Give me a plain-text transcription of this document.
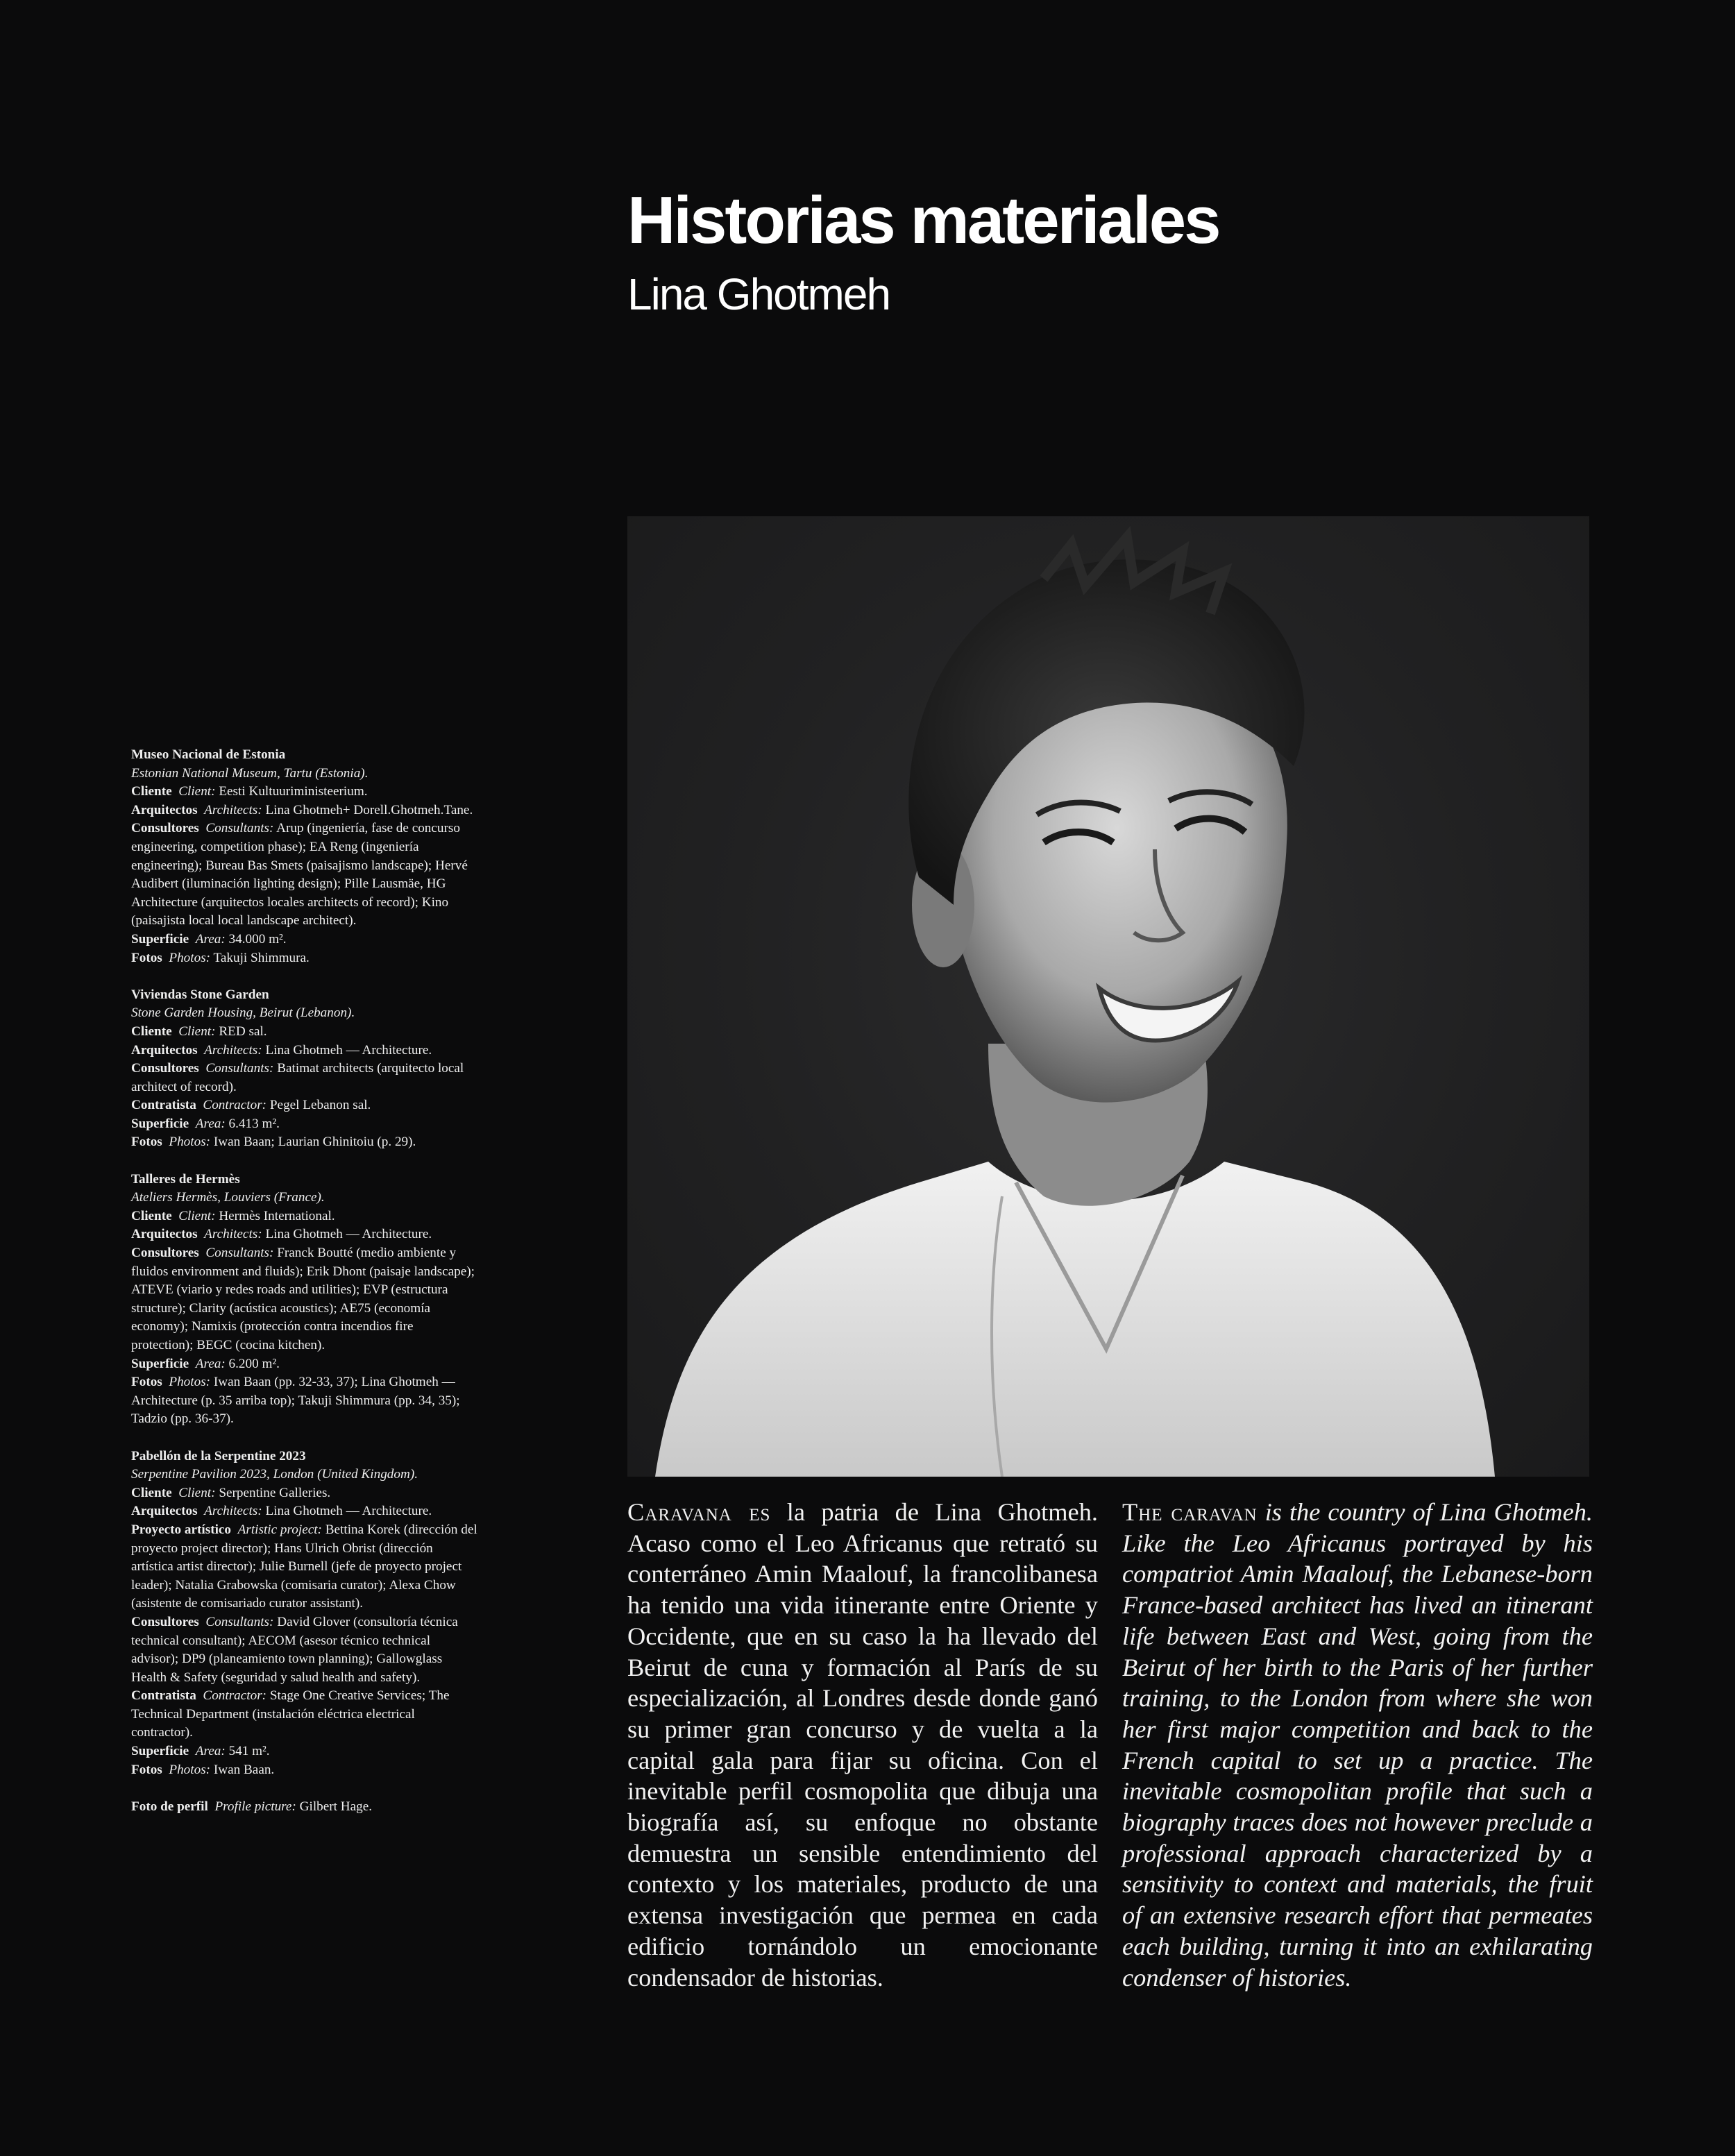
Historias materiales
Lina Ghotmeh
Museo Nacional de Estonia
Estonian National Museum, Tartu (Estonia).
Cliente Client: Eesti Kultuuriministeerium.
Arquitectos Architects: Lina Ghotmeh+ Dorell.Ghotmeh.Tane.
Consultores Consultants: Arup (ingeniería, fase de concurso engineering, competition phase); EA Reng (ingeniería engineering); Bureau Bas Smets (paisajismo landscape); Hervé Audibert (iluminación lighting design); Pille Lausmäe, HG Architecture (arquitectos locales architects of record); Kino (paisajista local local landscape architect).
Superficie Area: 34.000 m².
Fotos Photos: Takuji Shimmura.
Viviendas Stone Garden
Stone Garden Housing, Beirut (Lebanon).
Cliente Client: RED sal.
Arquitectos Architects: Lina Ghotmeh — Architecture.
Consultores Consultants: Batimat architects (arquitecto local architect of record).
Contratista Contractor: Pegel Lebanon sal.
Superficie Area: 6.413 m².
Fotos Photos: Iwan Baan; Laurian Ghinitoiu (p. 29).
Talleres de Hermès
Ateliers Hermès, Louviers (France).
Cliente Client: Hermès International.
Arquitectos Architects: Lina Ghotmeh — Architecture.
Consultores Consultants: Franck Boutté (medio ambiente y fluidos environment and fluids); Erik Dhont (paisaje landscape); ATEVE (viario y redes roads and utilities); EVP (estructura structure); Clarity (acústica acoustics); AE75 (economía economy); Namixis (protección contra incendios fire protection); BEGC (cocina kitchen).
Superficie Area: 6.200 m².
Fotos Photos: Iwan Baan (pp. 32-33, 37); Lina Ghotmeh — Architecture (p. 35 arriba top); Takuji Shimmura (pp. 34, 35); Tadzio (pp. 36-37).
Pabellón de la Serpentine 2023
Serpentine Pavilion 2023, London (United Kingdom).
Cliente Client: Serpentine Galleries.
Arquitectos Architects: Lina Ghotmeh — Architecture.
Proyecto artístico Artistic project: Bettina Korek (dirección del proyecto project director); Hans Ulrich Obrist (dirección artística artist director); Julie Burnell (jefe de proyecto project leader); Natalia Grabowska (comisaria curator); Alexa Chow (asistente de comisariado curator assistant).
Consultores Consultants: David Glover (consultoría técnica technical consultant); AECOM (asesor técnico technical advisor); DP9 (planeamiento town planning); Gallowglass Health & Safety (seguridad y salud health and safety).
Contratista Contractor: Stage One Creative Services; The Technical Department (instalación eléctrica electrical contractor).
Superficie Area: 541 m².
Fotos Photos: Iwan Baan.
Foto de perfil Profile picture: Gilbert Hage.

Caravana es la patria de Lina Ghotmeh. Acaso como el Leo Africanus que retrató su conterráneo Amin Maalouf, la francolibanesa ha tenido una vida itinerante entre Oriente y Occidente, que en su caso la ha llevado del Beirut de cuna y formación al París de su especialización, al Londres desde donde ganó su primer gran concurso y de vuelta a la capital gala para fijar su oficina. Con el inevitable perfil cosmopolita que dibuja una biografía así, su enfoque no obstante demuestra un sensible entendimiento del contexto y los materiales, producto de una extensa investigación que permea en cada edificio tornándolo un emocionante condensador de historias.

The caravan is the country of Lina Ghotmeh. Like the Leo Africanus portrayed by his compatriot Amin Maalouf, the Lebanese-born France-based architect has lived an itinerant life between East and West, going from the Beirut of her birth to the Paris of her further training, to the London from where she won her first major competition and back to the French capital to set up a practice. The inevitable cosmopolitan profile that such a biography traces does not however preclude a professional approach characterized by a sensitivity to context and materials, the fruit of an extensive research effort that permeates each building, turning it into an exhilarating condenser of histories.
